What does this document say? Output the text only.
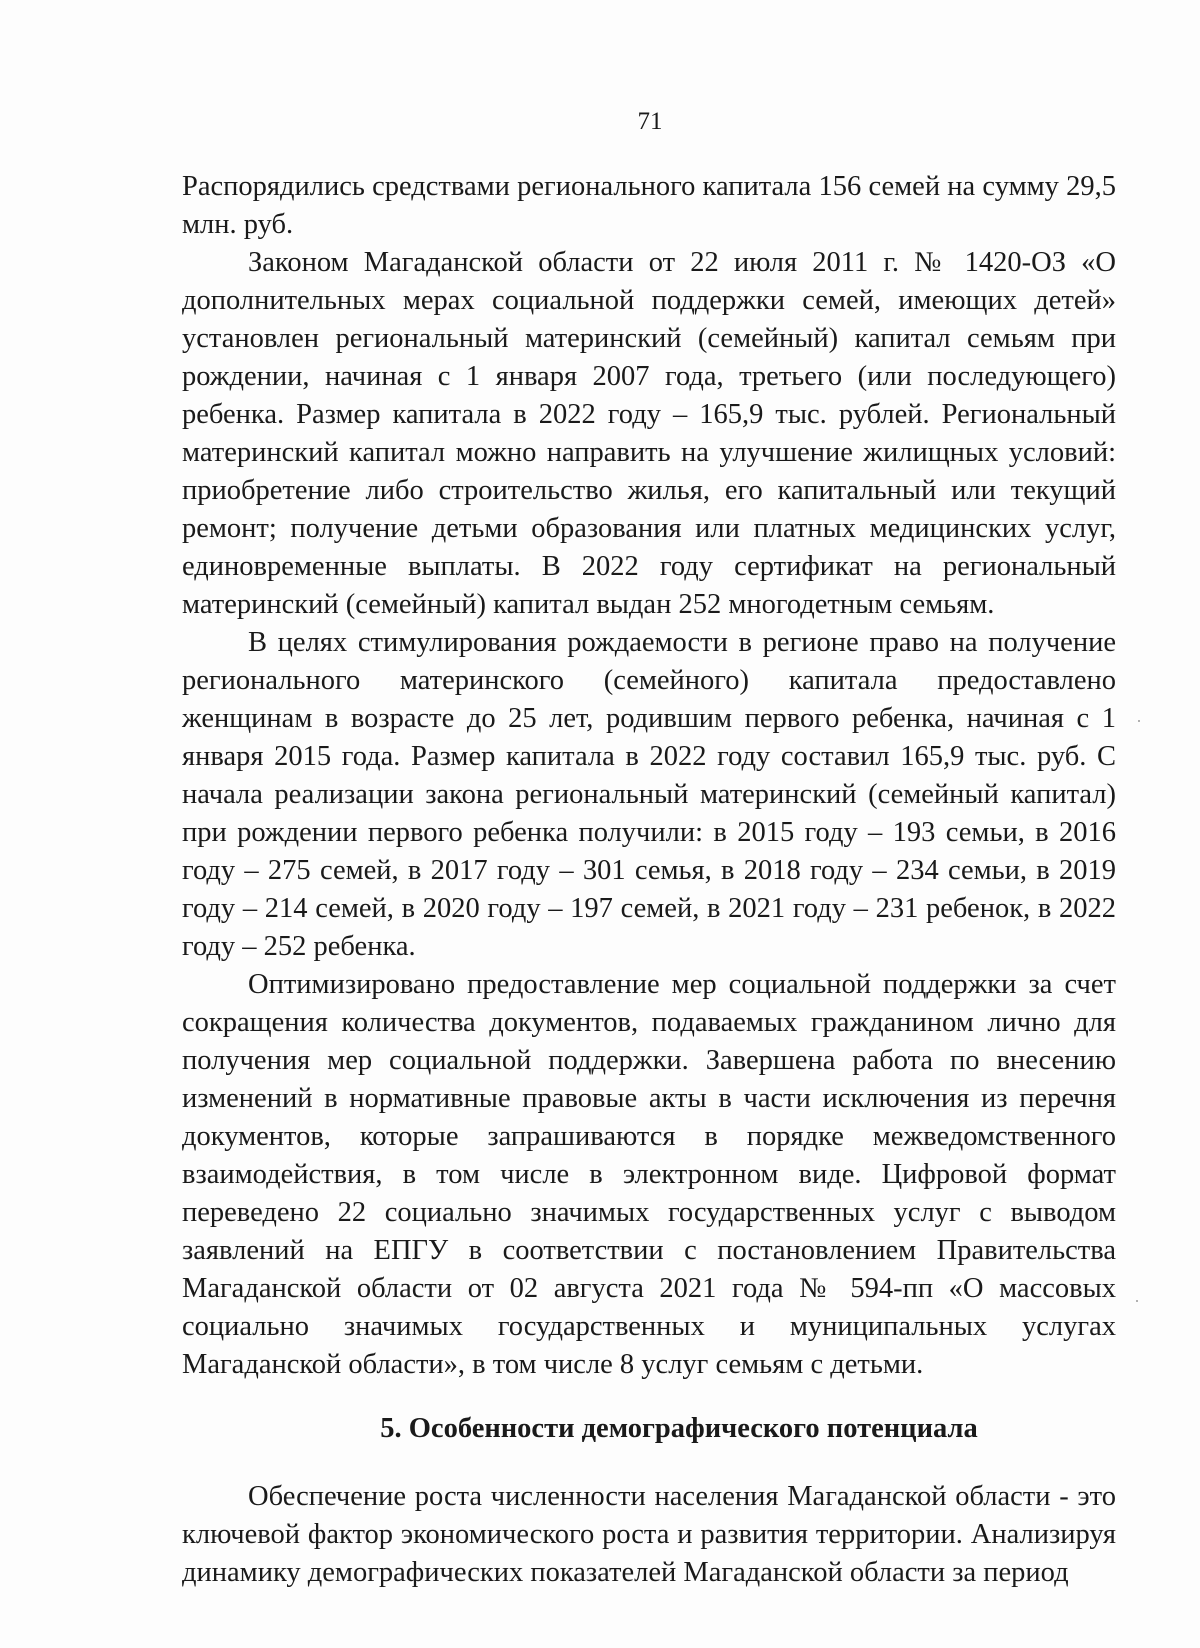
71

Распорядились средствами регионального капитала 156 семей на сумму 29,5 млн. руб.

Законом Магаданской области от 22 июля 2011 г. № 1420-ОЗ «О дополнительных мерах социальной поддержки семей, имеющих детей» установлен региональный материнский (семейный) капитал семьям при рождении, начиная с 1 января 2007 года, третьего (или последующего) ребенка. Размер капитала в 2022 году – 165,9 тыс. рублей. Региональный материнский капитал можно направить на улучшение жилищных условий: приобретение либо строительство жилья, его капитальный или текущий ремонт; получение детьми образования или платных медицинских услуг, единовременные выплаты. В 2022 году сертификат на региональный материнский (семейный) капитал выдан 252 многодетным семьям.

В целях стимулирования рождаемости в регионе право на получение регионального материнского (семейного) капитала предоставлено женщинам в возрасте до 25 лет, родившим первого ребенка, начиная с 1 января 2015 года. Размер капитала в 2022 году составил 165,9 тыс. руб. С начала реализации закона региональный материнский (семейный капитал) при рождении первого ребенка получили: в 2015 году – 193 семьи, в 2016 году – 275 семей, в 2017 году – 301 семья, в 2018 году – 234 семьи, в 2019 году – 214 семей, в 2020 году – 197 семей, в 2021 году – 231 ребенок, в 2022 году – 252 ребенка.

Оптимизировано предоставление мер социальной поддержки за счет сокращения количества документов, подаваемых гражданином лично для получения мер социальной поддержки. Завершена работа по внесению изменений в нормативные правовые акты в части исключения из перечня документов, которые запрашиваются в порядке межведомственного взаимодействия, в том числе в электронном виде. Цифровой формат переведено 22 социально значимых государственных услуг с выводом заявлений на ЕПГУ в соответствии с постановлением Правительства Магаданской области от 02 августа 2021 года № 594-пп «О массовых социально значимых государственных и муниципальных услугах Магаданской области», в том числе 8 услуг семьям с детьми.

5. Особенности демографического потенциала

Обеспечение роста численности населения Магаданской области - это ключевой фактор экономического роста и развития территории. Анализируя динамику демографических показателей Магаданской области за период
